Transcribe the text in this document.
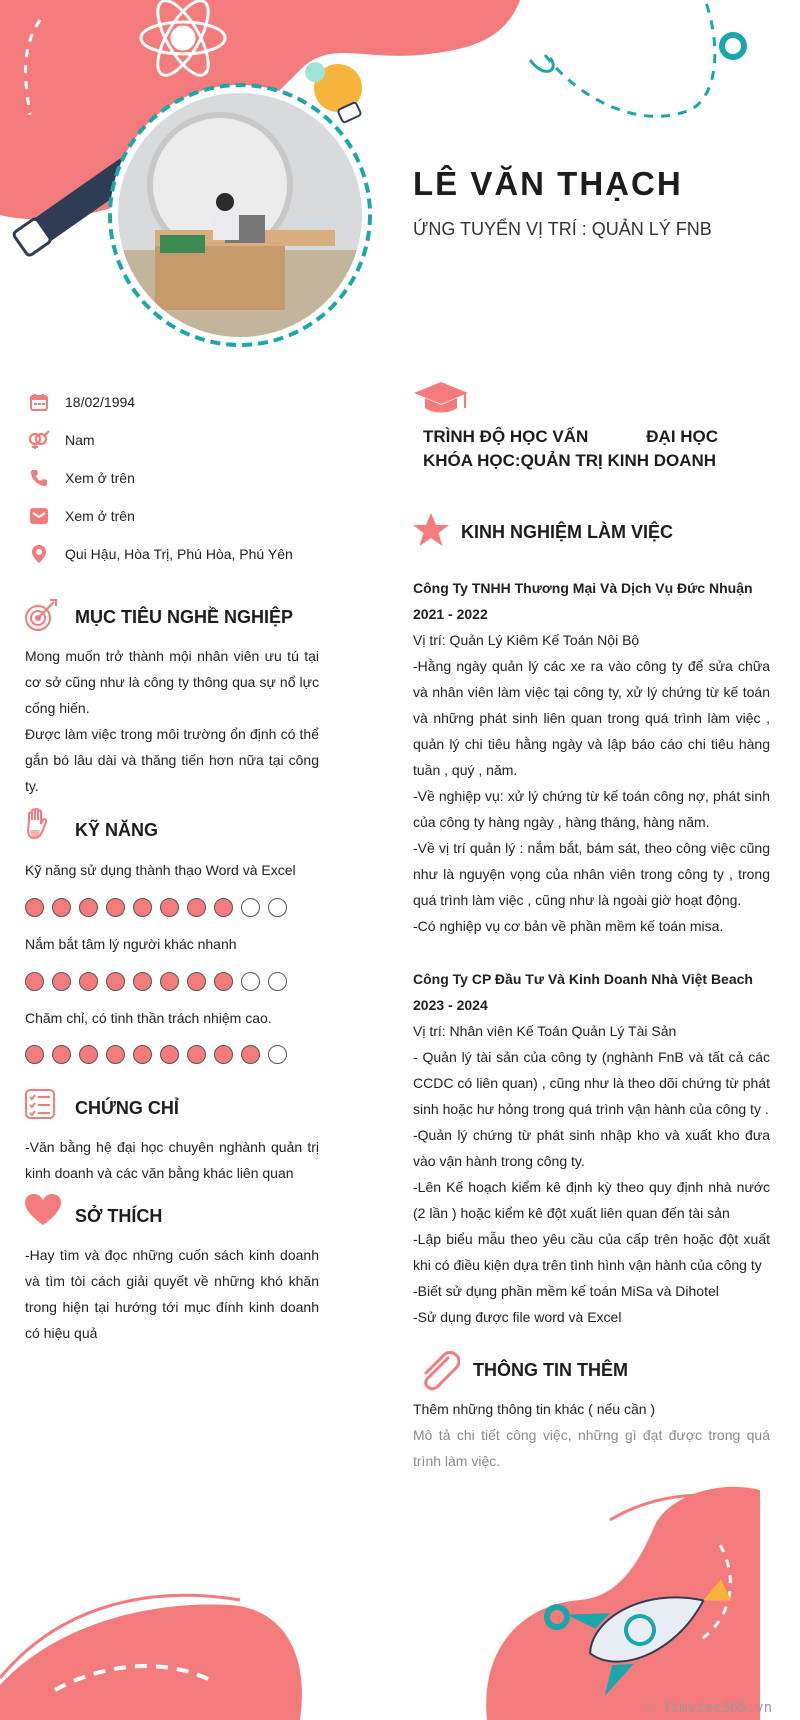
LÊ VĂN THẠCH
ỨNG TUYỂN VỊ TRÍ : QUẢN LÝ FNB
18/02/1994
Nam
Xem ở trên
Xem ở trên
Qui Hậu, Hòa Trị, Phú Hòa, Phú Yên
MỤC TIÊU NGHỀ NGHIỆP

Mong muốn trở thành mội nhân viên ưu tú tại cơ sở cũng như là công ty thông qua sự nổ lực cống hiến.

Được làm việc trong môi trường ổn định có thể gắn bó lâu dài và thăng tiến hơn nữa tại công ty.

KỸ NĂNG
Kỹ năng sử dụng thành thạo Word và Excel
Nắm bắt tâm lý người khác nhanh
Chăm chỉ, có tinh thần trách nhiệm cao.
CHỨNG CHỈ
-Văn bằng hệ đại học chuyên nghành quản trị kinh doanh và các văn bằng khác liên quan
SỞ THÍCH
-Hay tìm và đọc những cuốn sách kinh doanh và tìm tòi cách giải quyết về những khó khăn trong hiện tại hướng tới mục đính kinh doanh có hiệu quả
TRÌNH ĐỘ HỌC VẤN	ĐẠI HỌC
KHÓA HỌC:QUẢN TRỊ KINH DOANH
KINH NGHIỆM LÀM VIỆC
Công Ty TNHH Thương Mại Và Dịch Vụ Đức Nhuận
2021 - 2022
Vị trí: Quản Lý Kiêm Kế Toán Nội Bộ
-Hằng ngày quản lý các xe ra vào công ty để sửa chữa và nhân viên làm việc tại công ty, xử lý chứng từ kế toán và những phát sinh liên quan trong quá trình làm việc , quản lý chi tiêu hằng ngày và lập báo cáo chi tiêu hàng tuần , quý , năm.
-Về nghiệp vụ: xử lý chứng từ kế toán công nợ, phát sinh của công ty hàng ngày , hàng tháng, hàng năm.
-Về vị trí quản lý : nắm bắt, bám sát, theo công việc cũng như là nguyện vọng của nhân viên trong công ty , trong quá trình làm việc , cũng như là ngoài giờ hoạt động.
-Có nghiệp vụ cơ bản về phần mềm kế toán misa.
Công Ty CP Đầu Tư Và Kinh Doanh Nhà Việt Beach
2023 - 2024
Vị trí: Nhân viên Kế Toán Quản Lý Tài Sản
- Quản lý tài sản của công ty (nghành FnB và tất cả các CCDC có liên quan) , cũng như là theo dõi chứng từ phát sinh hoặc hư hỏng trong quá trình vận hành của công ty .
-Quản lý chứng từ phát sinh nhập kho và xuất kho đưa vào vận hành trong công ty.
-Lên Kế hoạch kiểm kê định kỳ theo quy định nhà nước (2 lần ) hoặc kiểm kê đột xuất liên quan đến tài sản
-Lập biểu mẫu theo yêu cầu của cấp trên hoặc đột xuất khi có điều kiện dựa trên tình hình vận hành của công ty
-Biết sử dụng phần mềm kế toán MiSa và Dihotel
-Sử dụng được file word và Excel
THÔNG TIN THÊM
Thêm những thông tin khác ( nếu cần )
Mô tả chi tiết công việc, những gì đạt được trong quá trình làm việc.
∴ Timviec365.vn
